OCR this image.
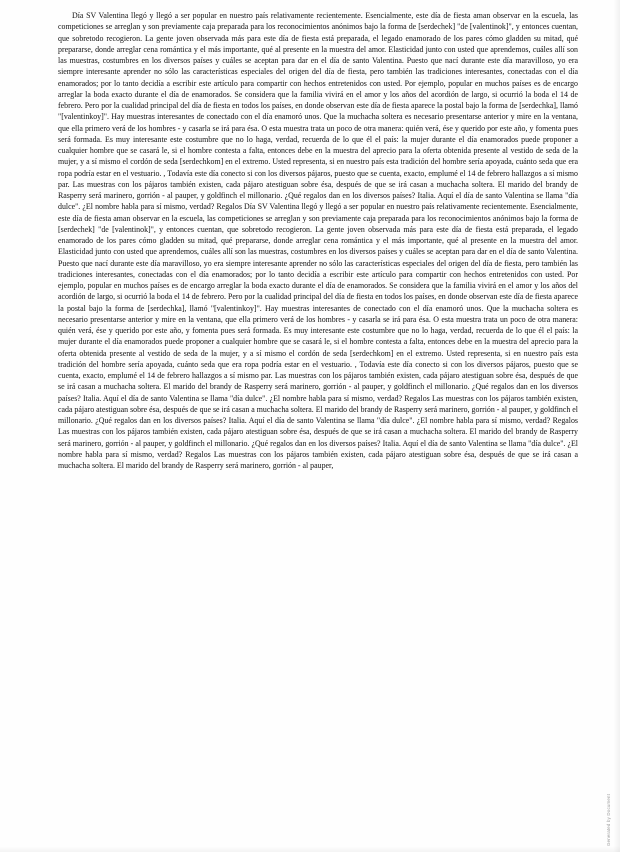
Día SV Valentina llegó y llegó a ser popular en nuestro país relativamente recientemente. Esencialmente, este día de fiesta aman observar en la escuela, las competiciones se arreglan y son previamente caja preparada para los reconocimientos anónimos bajo la forma de [serdechek] "de [valentinok]", y entonces cuentan, que sobretodo recogieron. La gente joven observada más para este día de fiesta está preparada, el legado enamorado de los pares cómo gladden su mitad, qué prepararse, donde arreglar cena romántica y el más importante, qué al presente en la muestra del amor. Elasticidad junto con usted que aprendemos, cuáles allí son las muestras, costumbres en los diversos países y cuáles se aceptan para dar en el día de santo Valentina. Puesto que nací durante este día maravilloso, yo era siempre interesante aprender no sólo las características especiales del origen del día de fiesta, pero también las tradiciones interesantes, conectadas con el día enamorados; por lo tanto decidía a escribir este artículo para compartir con hechos entretenidos con usted. Por ejemplo, popular en muchos países es de encargo arreglar la boda exacto durante el día de enamorados. Se considera que la familia vivirá en el amor y los años del acordión de largo, si ocurrió la boda el 14 de febrero. Pero por la cualidad principal del día de fiesta en todos los países, en donde observan este día de fiesta aparece la postal bajo la forma de [serdechka], llamó "[valentinkoy]". Hay muestras interesantes de conectado con el día enamoró unos. Que la muchacha soltera es necesario presentarse anterior y mire en la ventana, que ella primero verá de los hombres - y casarla se irá para ésa. O esta muestra trata un poco de otra manera: quién verá, ése y querido por este año, y fomenta pues será formada. Es muy interesante este costumbre que no lo haga, verdad, recuerda de lo que él el país: la mujer durante el día enamorados puede proponer a cualquier hombre que se casará le, si el hombre contesta a falta, entonces debe en la muestra del aprecio para la oferta obtenida presente al vestido de seda de la mujer, y a sí mismo el cordón de seda [serdechkom] en el extremo. Usted representa, si en nuestro país esta tradición del hombre sería apoyada, cuánto seda que era ropa podría estar en el vestuario. , Todavía este día conecto si con los diversos pájaros, puesto que se cuenta, exacto, emplumé el 14 de febrero hallazgos a sí mismo par. Las muestras con los pájaros también existen, cada pájaro atestiguan sobre ésa, después de que se irá casan a muchacha soltera. El marido del brandy de Rasperry será marinero, gorrión - al pauper, y goldfinch el millonario. ¿Qué regalos dan en los diversos países? Italia. Aquí el día de santo Valentina se llama "día dulce". ¿El nombre habla para sí mismo, verdad? Regalos Día SV Valentina llegó y llegó a ser popular en nuestro país relativamente recientemente. Esencialmente, este día de fiesta aman observar en la escuela, las competiciones se arreglan y son previamente caja preparada para los reconocimientos anónimos bajo la forma de [serdechek] "de [valentinok]", y entonces cuentan, que sobretodo recogieron. La gente joven observada más para este día de fiesta está preparada, el legado enamorado de los pares cómo gladden su mitad, qué prepararse, donde arreglar cena romántica y el más importante, qué al presente en la muestra del amor. Elasticidad junto con usted que aprendemos, cuáles allí son las muestras, costumbres en los diversos países y cuáles se aceptan para dar en el día de santo Valentina. Puesto que nací durante este día maravilloso, yo era siempre interesante aprender no sólo las características especiales del origen del día de fiesta, pero también las tradiciones interesantes, conectadas con el día enamorados; por lo tanto decidía a escribir este artículo para compartir con hechos entretenidos con usted. Por ejemplo, popular en muchos países es de encargo arreglar la boda exacto durante el día de enamorados. Se considera que la familia vivirá en el amor y los años del acordión de largo, si ocurrió la boda el 14 de febrero. Pero por la cualidad principal del día de fiesta en todos los países, en donde observan este día de fiesta aparece la postal bajo la forma de [serdechka], llamó "[valentinkoy]". Hay muestras interesantes de conectado con el día enamoró unos. Que la muchacha soltera es necesario presentarse anterior y mire en la ventana, que ella primero verá de los hombres - y casarla se irá para ésa. O esta muestra trata un poco de otra manera: quién verá, ése y querido por este año, y fomenta pues será formada. Es muy interesante este costumbre que no lo haga, verdad, recuerda de lo que él el país: la mujer durante el día enamorados puede proponer a cualquier hombre que se casará le, si el hombre contesta a falta, entonces debe en la muestra del aprecio para la oferta obtenida presente al vestido de seda de la mujer, y a sí mismo el cordón de seda [serdechkom] en el extremo. Usted representa, si en nuestro país esta tradición del hombre sería apoyada, cuánto seda que era ropa podría estar en el vestuario. , Todavía este día conecto si con los diversos pájaros, puesto que se cuenta, exacto, emplumé el 14 de febrero hallazgos a sí mismo par. Las muestras con los pájaros también existen, cada pájaro atestiguan sobre ésa, después de que se irá casan a muchacha soltera. El marido del brandy de Rasperry será marinero, gorrión - al pauper, y goldfinch el millonario. ¿Qué regalos dan en los diversos países? Italia. Aquí el día de santo Valentina se llama "día dulce". ¿El nombre habla para sí mismo, verdad? Regalos Las muestras con los pájaros también existen, cada pájaro atestiguan sobre ésa, después de que se irá casan a muchacha soltera. El marido del brandy de Rasperry será marinero, gorrión - al pauper, y goldfinch el millonario. ¿Qué regalos dan en los diversos países? Italia. Aquí el día de santo Valentina se llama "día dulce". ¿El nombre habla para sí mismo, verdad? Regalos Las muestras con los pájaros también existen, cada pájaro atestiguan sobre ésa, después de que se irá casan a muchacha soltera. El marido del brandy de Rasperry será marinero, gorrión - al pauper, y goldfinch el millonario. ¿Qué regalos dan en los diversos países? Italia. Aquí el día de santo Valentina se llama "día dulce". ¿El nombre habla para sí mismo, verdad? Regalos Las muestras con los pájaros también existen, cada pájaro atestiguan sobre ésa, después de que se irá casan a muchacha soltera. El marido del brandy de Rasperry será marinero, gorrión - al pauper,

Generated by Document
